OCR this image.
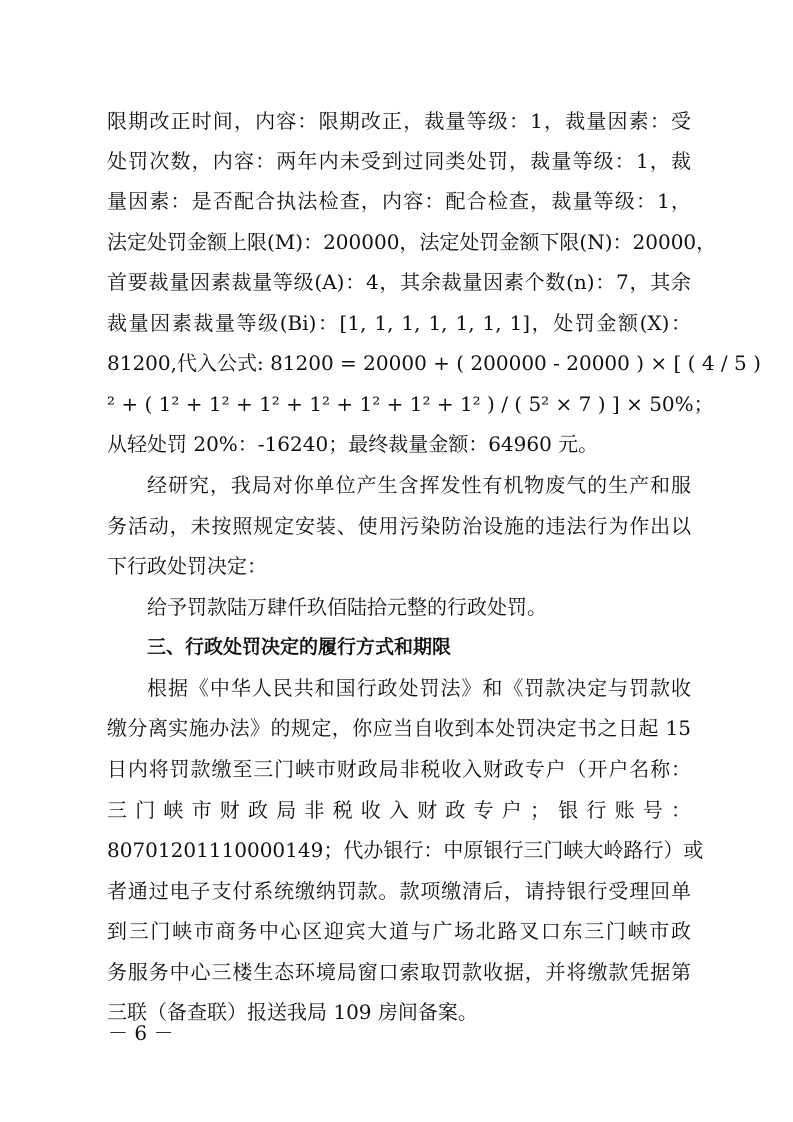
限期改正时间，内容：限期改正，裁量等级：1，裁量因素：受
处罚次数，内容：两年内未受到过同类处罚，裁量等级：1，裁
量因素：是否配合执法检查，内容：配合检查，裁量等级：1，
法定处罚金额上限(M)：200000，法定处罚金额下限(N)：20000，
首要裁量因素裁量等级(A)：4，其余裁量因素个数(n)：7，其余
裁量因素裁量等级(Bi)：[1, 1, 1, 1, 1, 1, 1]，处罚金额(X)：
81200,代入公式: 81200 = 20000 + ( 200000 - 20000 ) × [ ( 4 / 5 )
² + ( 1² + 1² + 1² + 1² + 1² + 1² + 1² ) / ( 5² × 7 ) ] × 50%；
从轻处罚 20%：-16240；最终裁量金额：64960 元。
经研究，我局对你单位产生含挥发性有机物废气的生产和服
务活动，未按照规定安装、使用污染防治设施的违法行为作出以
下行政处罚决定：
给予罚款陆万肆仟玖佰陆拾元整的行政处罚。
三、行政处罚决定的履行方式和期限
根据《中华人民共和国行政处罚法》和《罚款决定与罚款收
缴分离实施办法》的规定，你应当自收到本处罚决定书之日起 15
日内将罚款缴至三门峡市财政局非税收入财政专户（开户名称：
三门峡市财政局非税收入财政专户；银行账号：
80701201110000149；代办银行：中原银行三门峡大岭路行）或
者通过电子支付系统缴纳罚款。款项缴清后，请持银行受理回单
到三门峡市商务中心区迎宾大道与广场北路叉口东三门峡市政
务服务中心三楼生态环境局窗口索取罚款收据，并将缴款凭据第
三联（备查联）报送我局 109 房间备案。
－ 6 －
